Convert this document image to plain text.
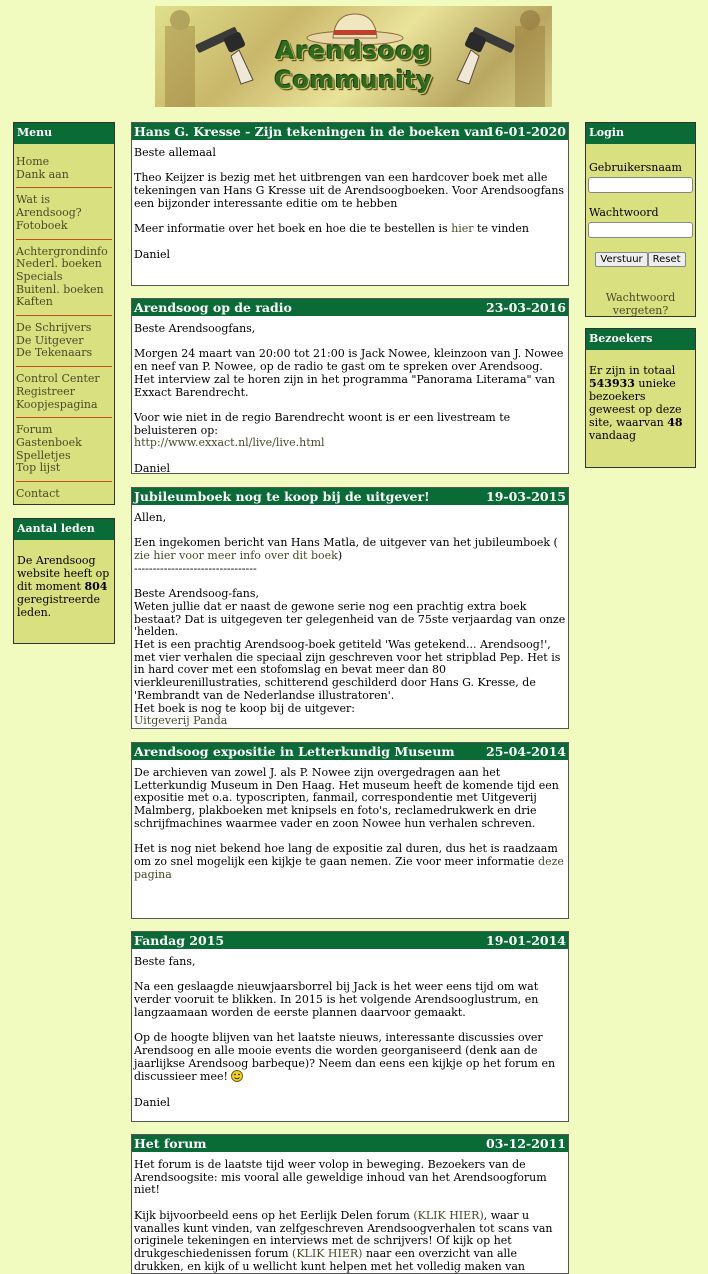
Arendsoog
Community
Menu
Home
Dank aan
Wat is Arendsoog?
Fotoboek
Achtergrondinfo
Nederl. boeken
Specials
Buitenl. boeken
Kaften
De Schrijvers
De Uitgever
De Tekenaars
Control Center
Registreer
Koopjespagina
Forum
Gastenboek
Spelletjes
Top lijst
Contact
Aantal leden
De Arendsoog website heeft op dit moment 804 geregistreerde leden.
Login
Gebruikersnaam
Wachtwoord
Verstuur Reset
Wachtwoord vergeten?
Bezoekers
Er zijn in totaal 543933 unieke bezoekers geweest op deze site, waarvan 48 vandaag
Hans G. Kresse - Zijn tekeningen in de boeken van
16-01-2020

Beste allemaal

Theo Keijzer is bezig met het uitbrengen van een hardcover boek met alle tekeningen van Hans G Kresse uit de Arendsoogboeken. Voor Arendsoogfans een bijzonder interessante editie om te hebben

Meer informatie over het boek en hoe die te bestellen is hier te vinden

Daniel

Arendsoog op de radio	23-03-2016

Beste Arendsoogfans,

Morgen 24 maart van 20:00 tot 21:00 is Jack Nowee, kleinzoon van J. Nowee en neef van P. Nowee, op de radio te gast om te spreken over Arendsoog. Het interview zal te horen zijn in het programma "Panorama Literama" van Exxact Barendrecht.

Voor wie niet in de regio Barendrecht woont is er een livestream te beluisteren op:
http://www.exxact.nl/live/live.html

Daniel

Jubileumboek nog te koop bij de uitgever!	19-03-2015

Allen,

Een ingekomen bericht van Hans Matla, de uitgever van het jubileumboek ( zie hier voor meer info over dit boek)

---------------------------------

Beste Arendsoog-fans,
Weten jullie dat er naast de gewone serie nog een prachtig extra boek bestaat? Dat is uitgegeven ter gelegenheid van de 75ste verjaardag van onze 'helden.
Het is een prachtig Arendsoog-boek getiteld 'Was getekend... Arendsoog!', met vier verhalen die speciaal zijn geschreven voor het stripblad Pep. Het is in hard cover met een stofomslag en bevat meer dan 80 vierkleurenillustraties, schitterend geschilderd door Hans G. Kresse, de 'Rembrandt van de Nederlandse illustratoren'.
Het boek is nog te koop bij de uitgever:
Uitgeverij Panda
Arendsoog expositie in Letterkundig Museum	25-04-2014

De archieven van zowel J. als P. Nowee zijn overgedragen aan het Letterkundig Museum in Den Haag. Het museum heeft de komende tijd een expositie met o.a. typoscripten, fanmail, correspondentie met Uitgeverij Malmberg, plakboeken met knipsels en foto's, reclamedrukwerk en drie schrijfmachines waarmee vader en zoon Nowee hun verhalen schreven.

Het is nog niet bekend hoe lang de expositie zal duren, dus het is raadzaam om zo snel mogelijk een kijkje te gaan nemen. Zie voor meer informatie deze pagina

Fandag 2015	19-01-2014

Beste fans,

Na een geslaagde nieuwjaarsborrel bij Jack is het weer eens tijd om wat verder vooruit te blikken. In 2015 is het volgende Arendsooglustrum, en langzaamaan worden de eerste plannen daarvoor gemaakt.

Op de hoogte blijven van het laatste nieuws, interessante discussies over Arendsoog en alle mooie events die worden georganiseerd (denk aan de jaarlijkse Arendsoog barbeque)? Neem dan eens een kijkje op het forum en discussieer mee!

Daniel

Het forum	03-12-2011

Het forum is de laatste tijd weer volop in beweging. Bezoekers van de Arendsoogsite: mis vooral alle geweldige inhoud van het Arendsoogforum niet!

Kijk bijvoorbeeld eens op het Eerlijk Delen forum (KLIK HIER), waar u vanalles kunt vinden, van zelfgeschreven Arendsoogverhalen tot scans van originele tekeningen en interviews met de schrijvers! Of kijk op het drukgeschiedenissen forum (KLIK HIER) naar een overzicht van alle drukken, en kijk of u wellicht kunt helpen met het volledig maken van
